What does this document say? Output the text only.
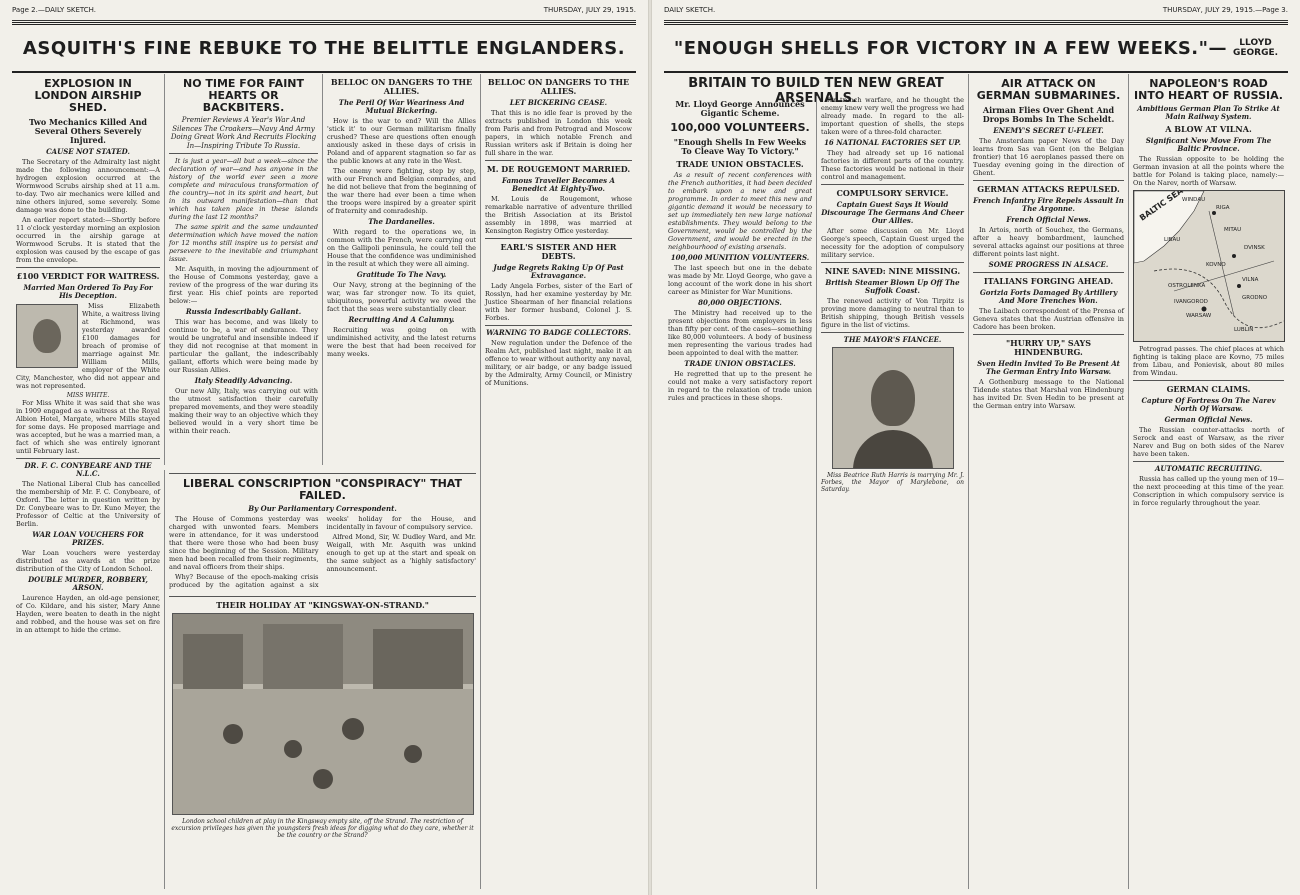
Page 2.—DAILY SKETCH.	THURSDAY, JULY 29, 1915.
ASQUITH'S FINE REBUKE TO THE BELITTLE ENGLANDERS.
EXPLOSION IN LONDON AIRSHIP SHED.
Two Mechanics Killed And Several Others Severely Injured.
CAUSE NOT STATED.

The Secretary of the Admiralty last night made the following announcement:—A hydrogen explosion occurred at the Wormwood Scrubs airship shed at 11 a.m. to-day. Two air mechanics were killed and nine others injured, some severely. Some damage was done to the building.

An earlier report stated:—Shortly before 11 o'clock yesterday morning an explosion occurred in the airship garage at Wormwood Scrubs. It is stated that the explosion was caused by the escape of gas from the envelope.

£100 VERDICT FOR WAITRESS.
Married Man Ordered To Pay For His Deception.

Miss Elizabeth White, a waitress living at Richmond, was yesterday awarded £100 damages for breach of promise of marriage against Mr. William Mills, employer of the White City, Manchester, who did not appear and was not represented.

MISS WHITE.

For Miss White it was said that she was in 1909 engaged as a waitress at the Royal Albion Hotel, Margate, where Mills stayed for some days. He proposed marriage and was accepted, but he was a married man, a fact of which she was entirely ignorant until February last.

DR. F. C. CONYBEARE AND THE N.L.C.

The National Liberal Club has cancelled the membership of Mr. F. C. Conybeare, of Oxford. The letter in question written by Dr. Conybeare was to Dr. Kuno Meyer, the Professor of Celtic at the University of Berlin.

WAR LOAN VOUCHERS FOR PRIZES.

War Loan vouchers were yesterday distributed as awards at the prize distribution of the City of London School.

DOUBLE MURDER, ROBBERY, ARSON.

Laurence Hayden, an old-age pensioner, of Co. Kildare, and his sister, Mary Anne Hayden, were beaten to death in the night and robbed, and the house was set on fire in an attempt to hide the crime.

NO TIME FOR FAINT HEARTS OR BACKBITERS.

Premier Reviews A Year's War And Silences The Croakers—Navy And Army Doing Great Work And Recruits Flocking In—Inspiring Tribute To Russia.

It is just a year—all but a week—since the declaration of war—and has anyone in the history of the world ever seen a more complete and miraculous transformation of the country—not in its spirit and heart, but in its outward manifestation—than that which has taken place in these islands during the last 12 months?

The same spirit and the same undaunted determination which have moved the nation for 12 months still inspire us to persist and persevere to the inevitable and triumphant issue.

Mr. Asquith, in moving the adjournment of the House of Commons yesterday, gave a review of the progress of the war during its first year. His chief points are reported below:—

Russia Indescribably Gallant.

This war has become, and was likely to continue to be, a war of endurance. They would be ungrateful and insensible indeed if they did not recognise at that moment in particular the gallant, the indescribably gallant, efforts which were being made by our Russian Allies.

Italy Steadily Advancing.

Our new Ally, Italy, was carrying out with the utmost satisfaction their carefully prepared movements, and they were steadily making their way to an objective which they believed would in a very short time be within their reach.

BELLOC ON DANGERS TO THE ALLIES.
The Peril Of War Weariness And Mutual Bickering.

How is the war to end? Will the Allies 'stick it' to our German militarism finally crushed? These are questions often enough anxiously asked in these days of crisis in Poland and of apparent stagnation so far as the public knows at any rate in the West.

The enemy were fighting, step by step, with our French and Belgian comrades, and he did not believe that from the beginning of the war there had ever been a time when the troops were inspired by a greater spirit of fraternity and comradeship.

The Dardanelles.

With regard to the operations we, in common with the French, were carrying out on the Gallipoli peninsula, he could tell the House that the confidence was undiminished in the result at which they were all aiming.

Gratitude To The Navy.

Our Navy, strong at the beginning of the war, was far stronger now. To its quiet, ubiquitous, powerful activity we owed the fact that the seas were substantially clear.

Recruiting And A Calumny.

Recruiting was going on with undiminished activity, and the latest returns were the best that had been received for many weeks.

LIBERAL CONSCRIPTION "CONSPIRACY" THAT FAILED.
By Our Parliamentary Correspondent.

The House of Commons yesterday was charged with unwonted fears. Members were in attendance, for it was understood that there were those who had been busy since the beginning of the Session. Military men had been recalled from their regiments, and naval officers from their ships.

Why? Because of the epoch-making crisis produced by the agitation against a six weeks' holiday for the House, and incidentally in favour of compulsory service.

Alfred Mond, Sir, W. Dudley Ward, and Mr. Weigall, with Mr. Asquith was unkind enough to get up at the start and speak on the same subject as a 'highly satisfactory' announcement.

THEIR HOLIDAY AT "KINGSWAY-ON-STRAND."
London school children at play in the Kingsway empty site, off the Strand. The restriction of excursion privileges has given the youngsters fresh ideas for digging what do they care, whether it be the country or the Strand?
BELLOC ON DANGERS TO THE ALLIES.
LET BICKERING CEASE.

That this is no idle fear is proved by the extracts published in London this week from Paris and from Petrograd and Moscow papers, in which notable French and Russian writers ask if Britain is doing her full share in the war.

M. DE ROUGEMONT MARRIED.
Famous Traveller Becomes A Benedict At Eighty-Two.

M. Louis de Rougemont, whose remarkable narrative of adventure thrilled the British Association at its Bristol assembly in 1898, was married at Kensington Registry Office yesterday.

EARL'S SISTER AND HER DEBTS.
Judge Regrets Raking Up Of Past Extravagance.

Lady Angela Forbes, sister of the Earl of Rosslyn, had her examine yesterday by Mr. Justice Shearman of her financial relations with her former husband, Colonel J. S. Forbes.

WARNING TO BADGE COLLECTORS.

New regulation under the Defence of the Realm Act, published last night, make it an offence to wear without authority any naval, military, or air badge, or any badge issued by the Admiralty, Army Council, or Ministry of Munitions.

DAILY SKETCH.	THURSDAY, JULY 29, 1915.—Page 3.
"ENOUGH SHELLS FOR VICTORY IN A FEW WEEKS."—	LLOYD
GEORGE.
BRITAIN TO BUILD TEN NEW GREAT ARSENALS.
Mr. Lloyd George Announces Gigantic Scheme.
100,000 VOLUNTEERS.
"Enough Shells In Few Weeks To Cleave Way To Victory."
TRADE UNION OBSTACLES.

As a result of recent conferences with the French authorities, it had been decided to embark upon a new and great programme. In order to meet this new and gigantic demand it would be necessary to set up immediately ten new large national establishments. They would belong to the Government, would be controlled by the Government, and would be erected in the neighbourhood of existing arsenals.

100,000 MUNITION VOLUNTEERS.

The last speech but one in the debate was made by Mr. Lloyd George, who gave a long account of the work done in his short career as Minister for War Munitions.

80,000 OBJECTIONS.

The Ministry had received up to the present objections from employers in less than fifty per cent. of the cases—something like 80,000 volunteers. A body of business men representing the various trades had been appointed to deal with the matter.

TRADE UNION OBSTACLES.

He regretted that up to the present he could not make a very satisfactory report in regard to the relaxation of trade union rules and practices in these shops.

for trench warfare, and he thought the enemy knew very well the progress we had already made. In regard to the all-important question of shells, the steps taken were of a three-fold character.

16 NATIONAL FACTORIES SET UP.

They had already set up 16 national factories in different parts of the country. These factories would be national in their control and management.

COMPULSORY SERVICE.
Captain Guest Says It Would Discourage The Germans And Cheer Our Allies.

After some discussion on Mr. Lloyd George's speech, Captain Guest urged the necessity for the adoption of compulsory military service.

NINE SAVED: NINE MISSING.
British Steamer Blown Up Off The Suffolk Coast.

The renewed activity of Von Tirpitz is proving more damaging to neutral than to British shipping, though British vessels figure in the list of victims.

THE MAYOR'S FIANCEE.

Miss Beatrice Ruth Harris is marrying Mr. J. Forbes, the Mayor of Marylebone, on Saturday.

AIR ATTACK ON GERMAN SUBMARINES.
Airman Flies Over Ghent And Drops Bombs In The Scheldt.
ENEMY'S SECRET U-FLEET.

The Amsterdam paper News of the Day learns from Sas van Gent (on the Belgian frontier) that 16 aeroplanes passed there on Tuesday evening going in the direction of Ghent.

GERMAN ATTACKS REPULSED.
French Infantry Fire Repels Assault In The Argonne.
French Official News.

In Artois, north of Souchez, the Germans, after a heavy bombardment, launched several attacks against our positions at three different points last night.

SOME PROGRESS IN ALSACE.
ITALIANS FORGING AHEAD.
Gorizia Forts Damaged By Artillery And More Trenches Won.

The Laibach correspondent of the Prensa of Geneva states that the Austrian offensive in Cadore has been broken.

"HURRY UP," SAYS HINDENBURG.
Sven Hedin Invited To Be Present At The German Entry Into Warsaw.

A Gothenburg message to the National Tidende states that Marshal von Hindenburg has invited Dr. Sven Hedin to be present at the German entry into Warsaw.

NAPOLEON'S ROAD INTO HEART OF RUSSIA.
Ambitious German Plan To Strike At Main Railway System.
A BLOW AT VILNA.
Significant New Move From The Baltic Province.

The Russian opposite to be holding the German invasion at all the points where the battle for Poland is taking place, namely:—On the Narev, north of Warsaw.

BALTIC SEA	RIGA
LIBAU
WINDAU
MITAU
DVINSK
KOVNO
VILNA
GRODNO
WARSAW
LUBLIN
IVANGOROD
OSTROLENKA

Petrograd passes. The chief places at which fighting is taking place are Kovno, 75 miles from Libau, and Ponievisk, about 80 miles from Windau.

GERMAN CLAIMS.
Capture Of Fortress On The Narev North Of Warsaw.
German Official News.

The Russian counter-attacks north of Serock and east of Warsaw, as the river Narev and Bug on both sides of the Narev have been taken.

AUTOMATIC RECRUITING.

Russia has called up the young men of 19—the next proceeding at this time of the year. Conscription in which compulsory service is in force regularly throughout the year.
